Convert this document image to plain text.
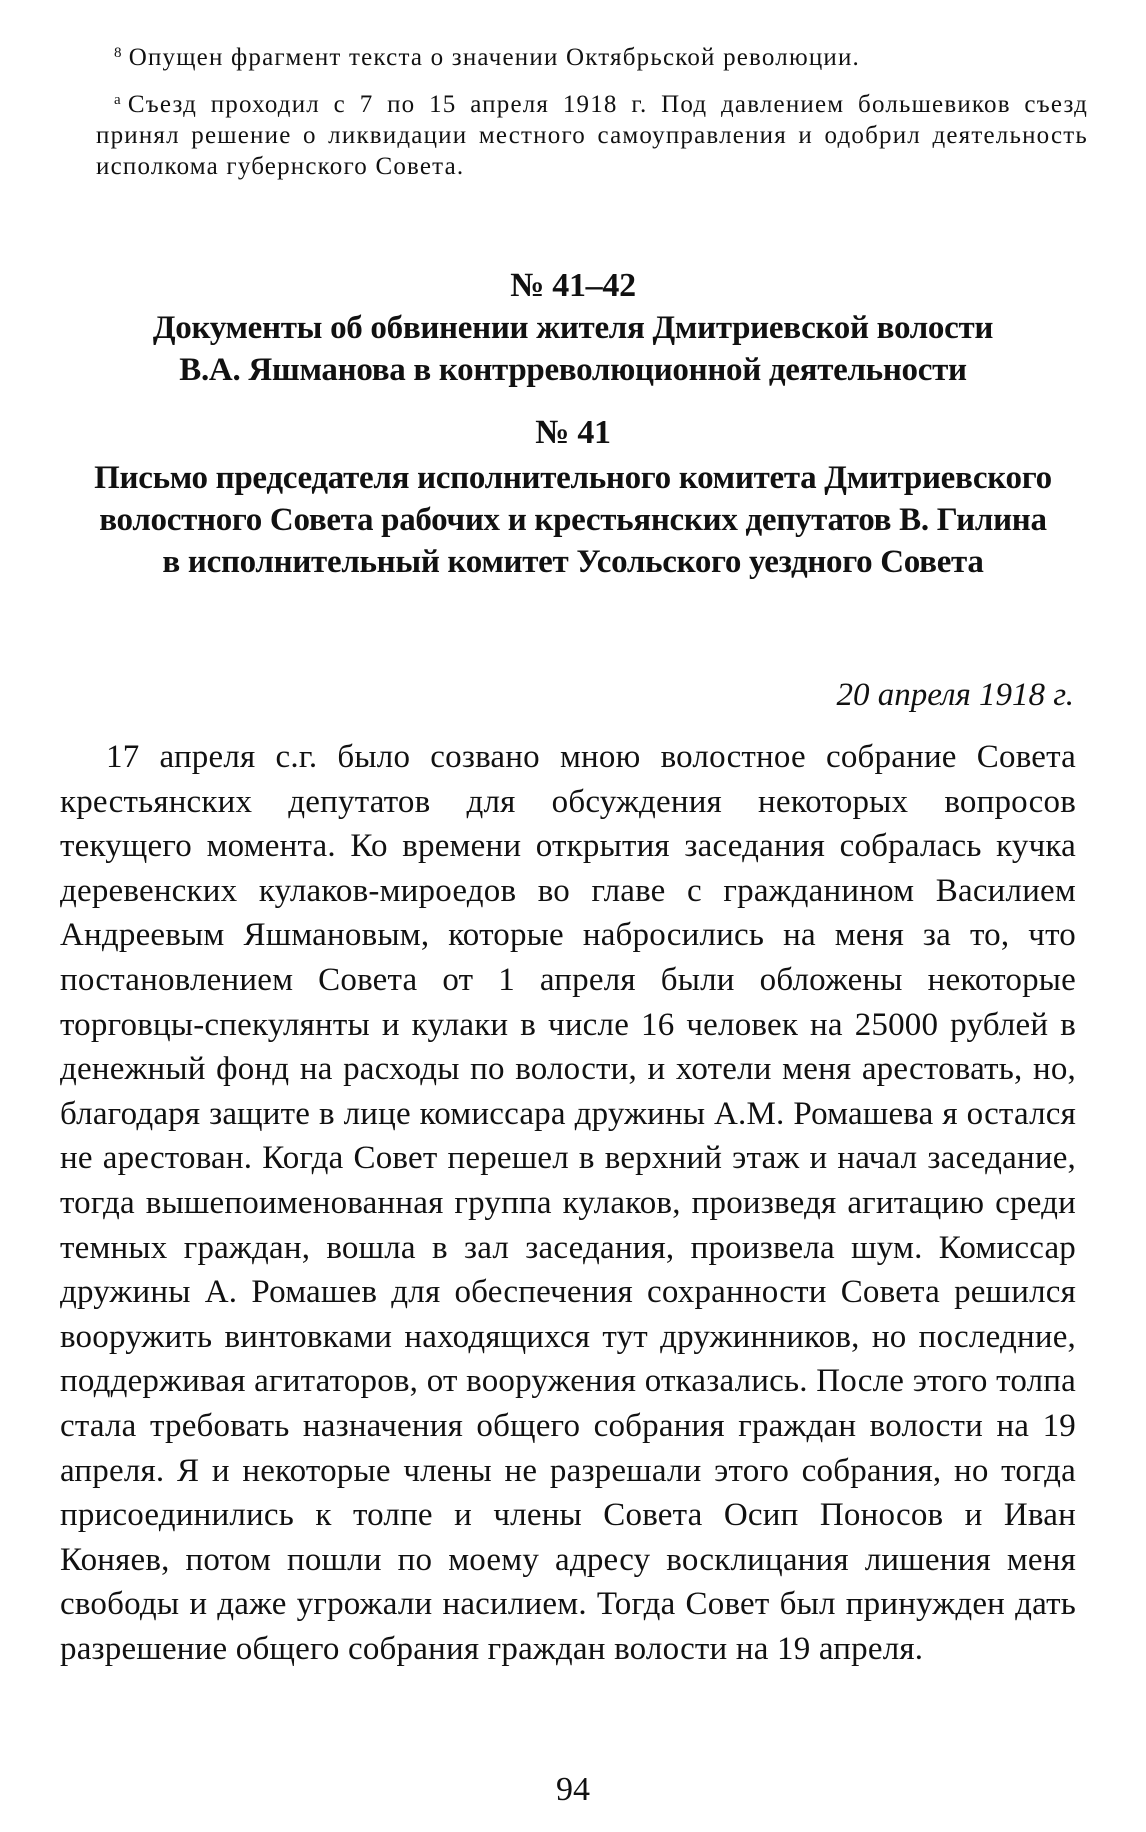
$^8$ Опущен фрагмент текста о значении Октябрьской революции.

$^а$ Съезд проходил с 7 по 15 апреля 1918 г. Под давлением большевиков съезд принял решение о ликвидации местного самоуправления и одобрил деятельность исполкома губернского Совета.

№ 41–42
Документы об обвинении жителя Дмитриевской волости
В.А. Яшманова в контрреволюционной деятельности
№ 41
Письмо председателя исполнительного комитета Дмитриевского
волостного Совета рабочих и крестьянских депутатов В. Гилина
в исполнительный комитет Усольского уездного Совета
20 апреля 1918 г.

17 апреля с.г. было созвано мною волостное собрание Совета крестьянских депутатов для обсуждения некоторых вопросов текущего момента. Ко времени открытия заседания собралась кучка деревенских кулаков-мироедов во главе с гражданином Василием Андреевым Яшмановым, которые набросились на меня за то, что постановлением Совета от 1 апреля были обложены некоторые торговцы-спекулянты и кулаки в числе 16 человек на 25000 рублей в денежный фонд на расходы по волости, и хотели меня арестовать, но, благодаря защите в лице комиссара дружины А.М. Ромашева я остался не арестован. Когда Совет перешел в верхний этаж и начал заседание, тогда вышепоименованная группа кулаков, произведя агитацию среди темных граждан, вошла в зал заседания, произвела шум. Комиссар дружины А. Ромашев для обеспечения сохранности Совета решился вооружить винтовками находящихся тут дружинников, но последние, поддерживая агитаторов, от вооружения отказались. После этого толпа стала требовать назначения общего собрания граждан волости на 19 апреля. Я и некоторые члены не разрешали этого собрания, но тогда присоединились к толпе и члены Совета Осип Поносов и Иван Коняев, потом пошли по моему адресу восклицания лишения меня свободы и даже угрожали насилием. Тогда Совет был принужден дать разрешение общего собрания граждан волости на 19 апреля.

94
